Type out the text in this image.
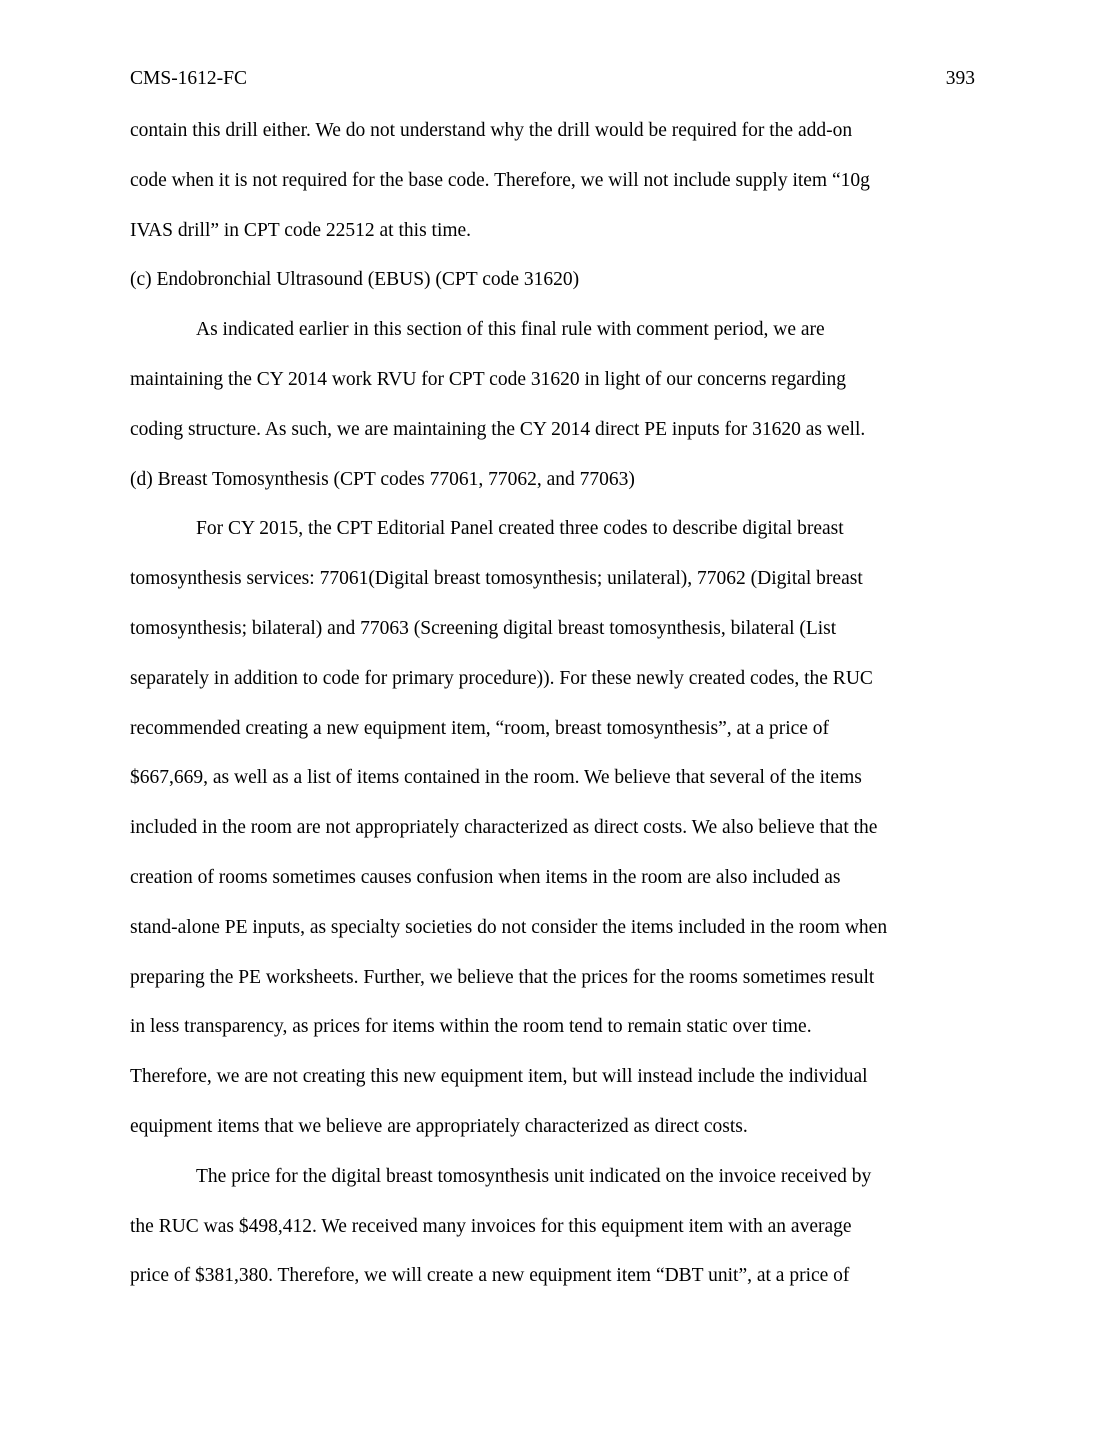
CMS-1612-FC	393
contain this drill either. We do not understand why the drill would be required for the add-on
code when it is not required for the base code. Therefore, we will not include supply item “10g
IVAS drill” in CPT code 22512 at this time.
(c) Endobronchial Ultrasound (EBUS) (CPT code 31620)
As indicated earlier in this section of this final rule with comment period, we are
maintaining the CY 2014 work RVU for CPT code 31620 in light of our concerns regarding
coding structure. As such, we are maintaining the CY 2014 direct PE inputs for 31620 as well.
(d) Breast Tomosynthesis (CPT codes 77061, 77062, and 77063)
For CY 2015, the CPT Editorial Panel created three codes to describe digital breast
tomosynthesis services: 77061(Digital breast tomosynthesis; unilateral), 77062 (Digital breast
tomosynthesis; bilateral) and 77063 (Screening digital breast tomosynthesis, bilateral (List
separately in addition to code for primary procedure)). For these newly created codes, the RUC
recommended creating a new equipment item, “room, breast tomosynthesis”, at a price of
$667,669, as well as a list of items contained in the room. We believe that several of the items
included in the room are not appropriately characterized as direct costs. We also believe that the
creation of rooms sometimes causes confusion when items in the room are also included as
stand-alone PE inputs, as specialty societies do not consider the items included in the room when
preparing the PE worksheets. Further, we believe that the prices for the rooms sometimes result
in less transparency, as prices for items within the room tend to remain static over time.
Therefore, we are not creating this new equipment item, but will instead include the individual
equipment items that we believe are appropriately characterized as direct costs.
The price for the digital breast tomosynthesis unit indicated on the invoice received by
the RUC was $498,412. We received many invoices for this equipment item with an average
price of $381,380. Therefore, we will create a new equipment item “DBT unit”, at a price of
